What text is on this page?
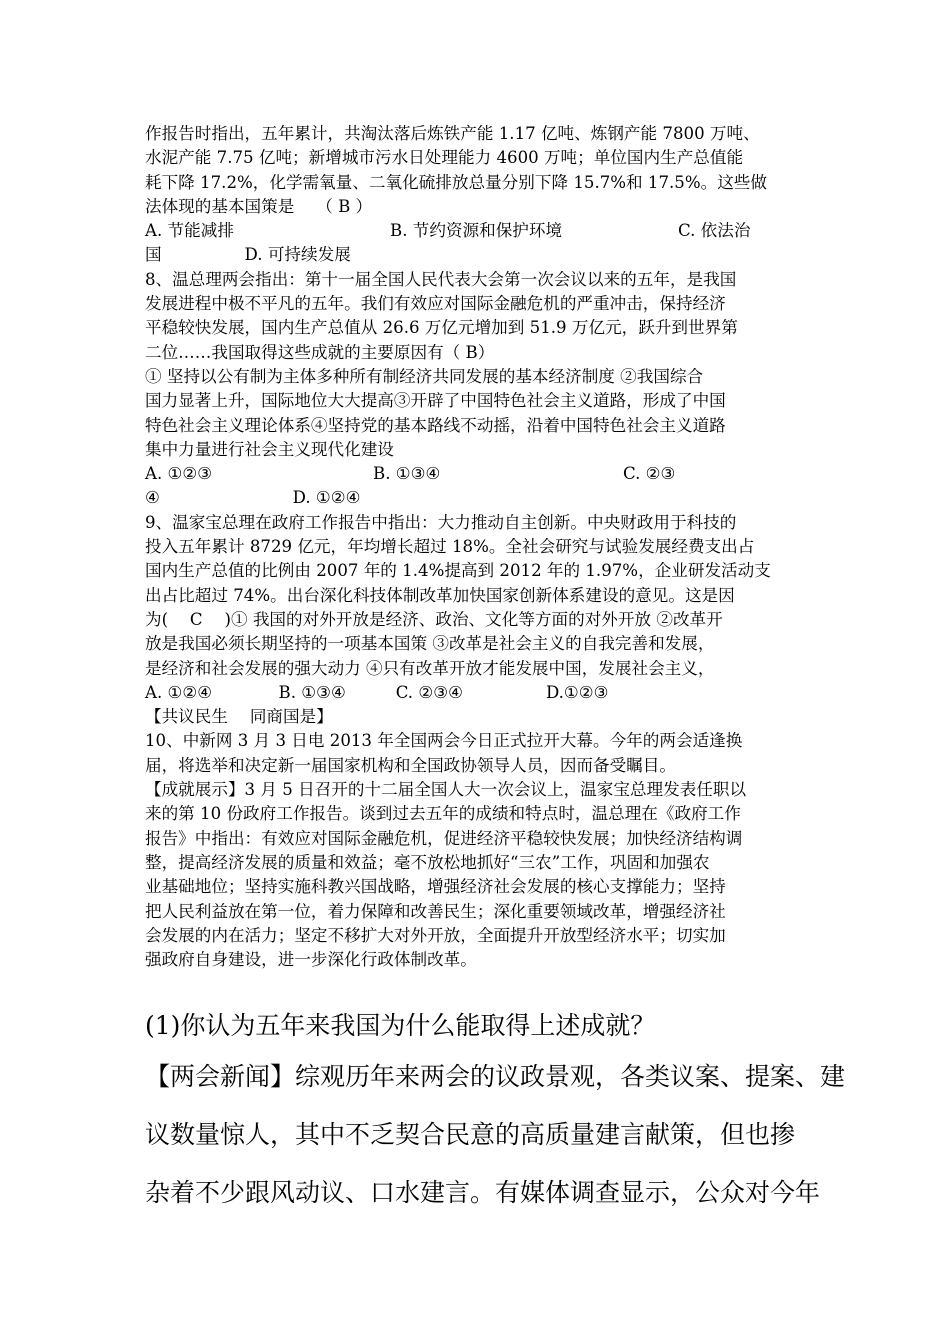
作报告时指出，五年累计，共淘汰落后炼铁产能 1.17 亿吨、炼钢产能 7800 万吨、
水泥产能 7.75 亿吨；新增城市污水日处理能力 4600 万吨；单位国内生产总值能
耗下降 17.2%，化学需氧量、二氧化硫排放总量分别下降 15.7%和 17.5%。这些做
法体现的基本国策是　 （ B ）
A. 节能减排	B. 节约资源和保护环境	C. 依法治
国　　　　　D. 可持续发展
8、温总理两会指出：第十一届全国人民代表大会第一次会议以来的五年，是我国
发展进程中极不平凡的五年。我们有效应对国际金融危机的严重冲击，保持经济
平稳较快发展，国内生产总值从 26.6 万亿元增加到 51.9 万亿元，跃升到世界第
二位……我国取得这些成就的主要原因有（ B）
① 坚持以公有制为主体多种所有制经济共同发展的基本经济制度 ②我国综合
国力显著上升，国际地位大大提高③开辟了中国特色社会主义道路，形成了中国
特色社会主义理论体系④坚持党的基本路线不动摇，沿着中国特色社会主义道路
集中力量进行社会主义现代化建设
A. ①②③	B. ①③④	C. ②③
④　　　　　　　　D. ①②④
9、温家宝总理在政府工作报告中指出：大力推动自主创新。中央财政用于科技的
投入五年累计 8729 亿元，年均增长超过 18%。全社会研究与试验发展经费支出占
国内生产总值的比例由 2007 年的 1.4%提高到 2012 年的 1.97%，企业研发活动支
出占比超过 74%。出台深化科技体制改革加快国家创新体系建设的意见。这是因
为(　 C　 )① 我国的对外开放是经济、政治、文化等方面的对外开放 ②改革开
放是我国必须长期坚持的一项基本国策 ③改革是社会主义的自我完善和发展，
是经济和社会发展的强大动力 ④只有改革开放才能发展中国，发展社会主义，
A. ①②④　　　　B. ①③④　　　C. ②③④　　　　　D.①②③
【共议民生　 同商国是】
10、中新网 3 月 3 日电 2013 年全国两会今日正式拉开大幕。今年的两会适逢换
届，将选举和决定新一届国家机构和全国政协领导人员，因而备受瞩目。
【成就展示】3 月 5 日召开的十二届全国人大一次会议上，温家宝总理发表任职以
来的第 10 份政府工作报告。谈到过去五年的成绩和特点时，温总理在《政府工作
报告》中指出：有效应对国际金融危机，促进经济平稳较快发展；加快经济结构调
整，提高经济发展的质量和效益；毫不放松地抓好“三农”工作，巩固和加强农
业基础地位；坚持实施科教兴国战略，增强经济社会发展的核心支撑能力；坚持
把人民利益放在第一位，着力保障和改善民生；深化重要领域改革，增强经济社
会发展的内在活力；坚定不移扩大对外开放，全面提升开放型经济水平；切实加
强政府自身建设，进一步深化行政体制改革。
(1)你认为五年来我国为什么能取得上述成就？
【两会新闻】综观历年来两会的议政景观，各类议案、提案、建
议数量惊人，其中不乏契合民意的高质量建言献策，但也掺
杂着不少跟风动议、口水建言。有媒体调查显示，公众对今年
